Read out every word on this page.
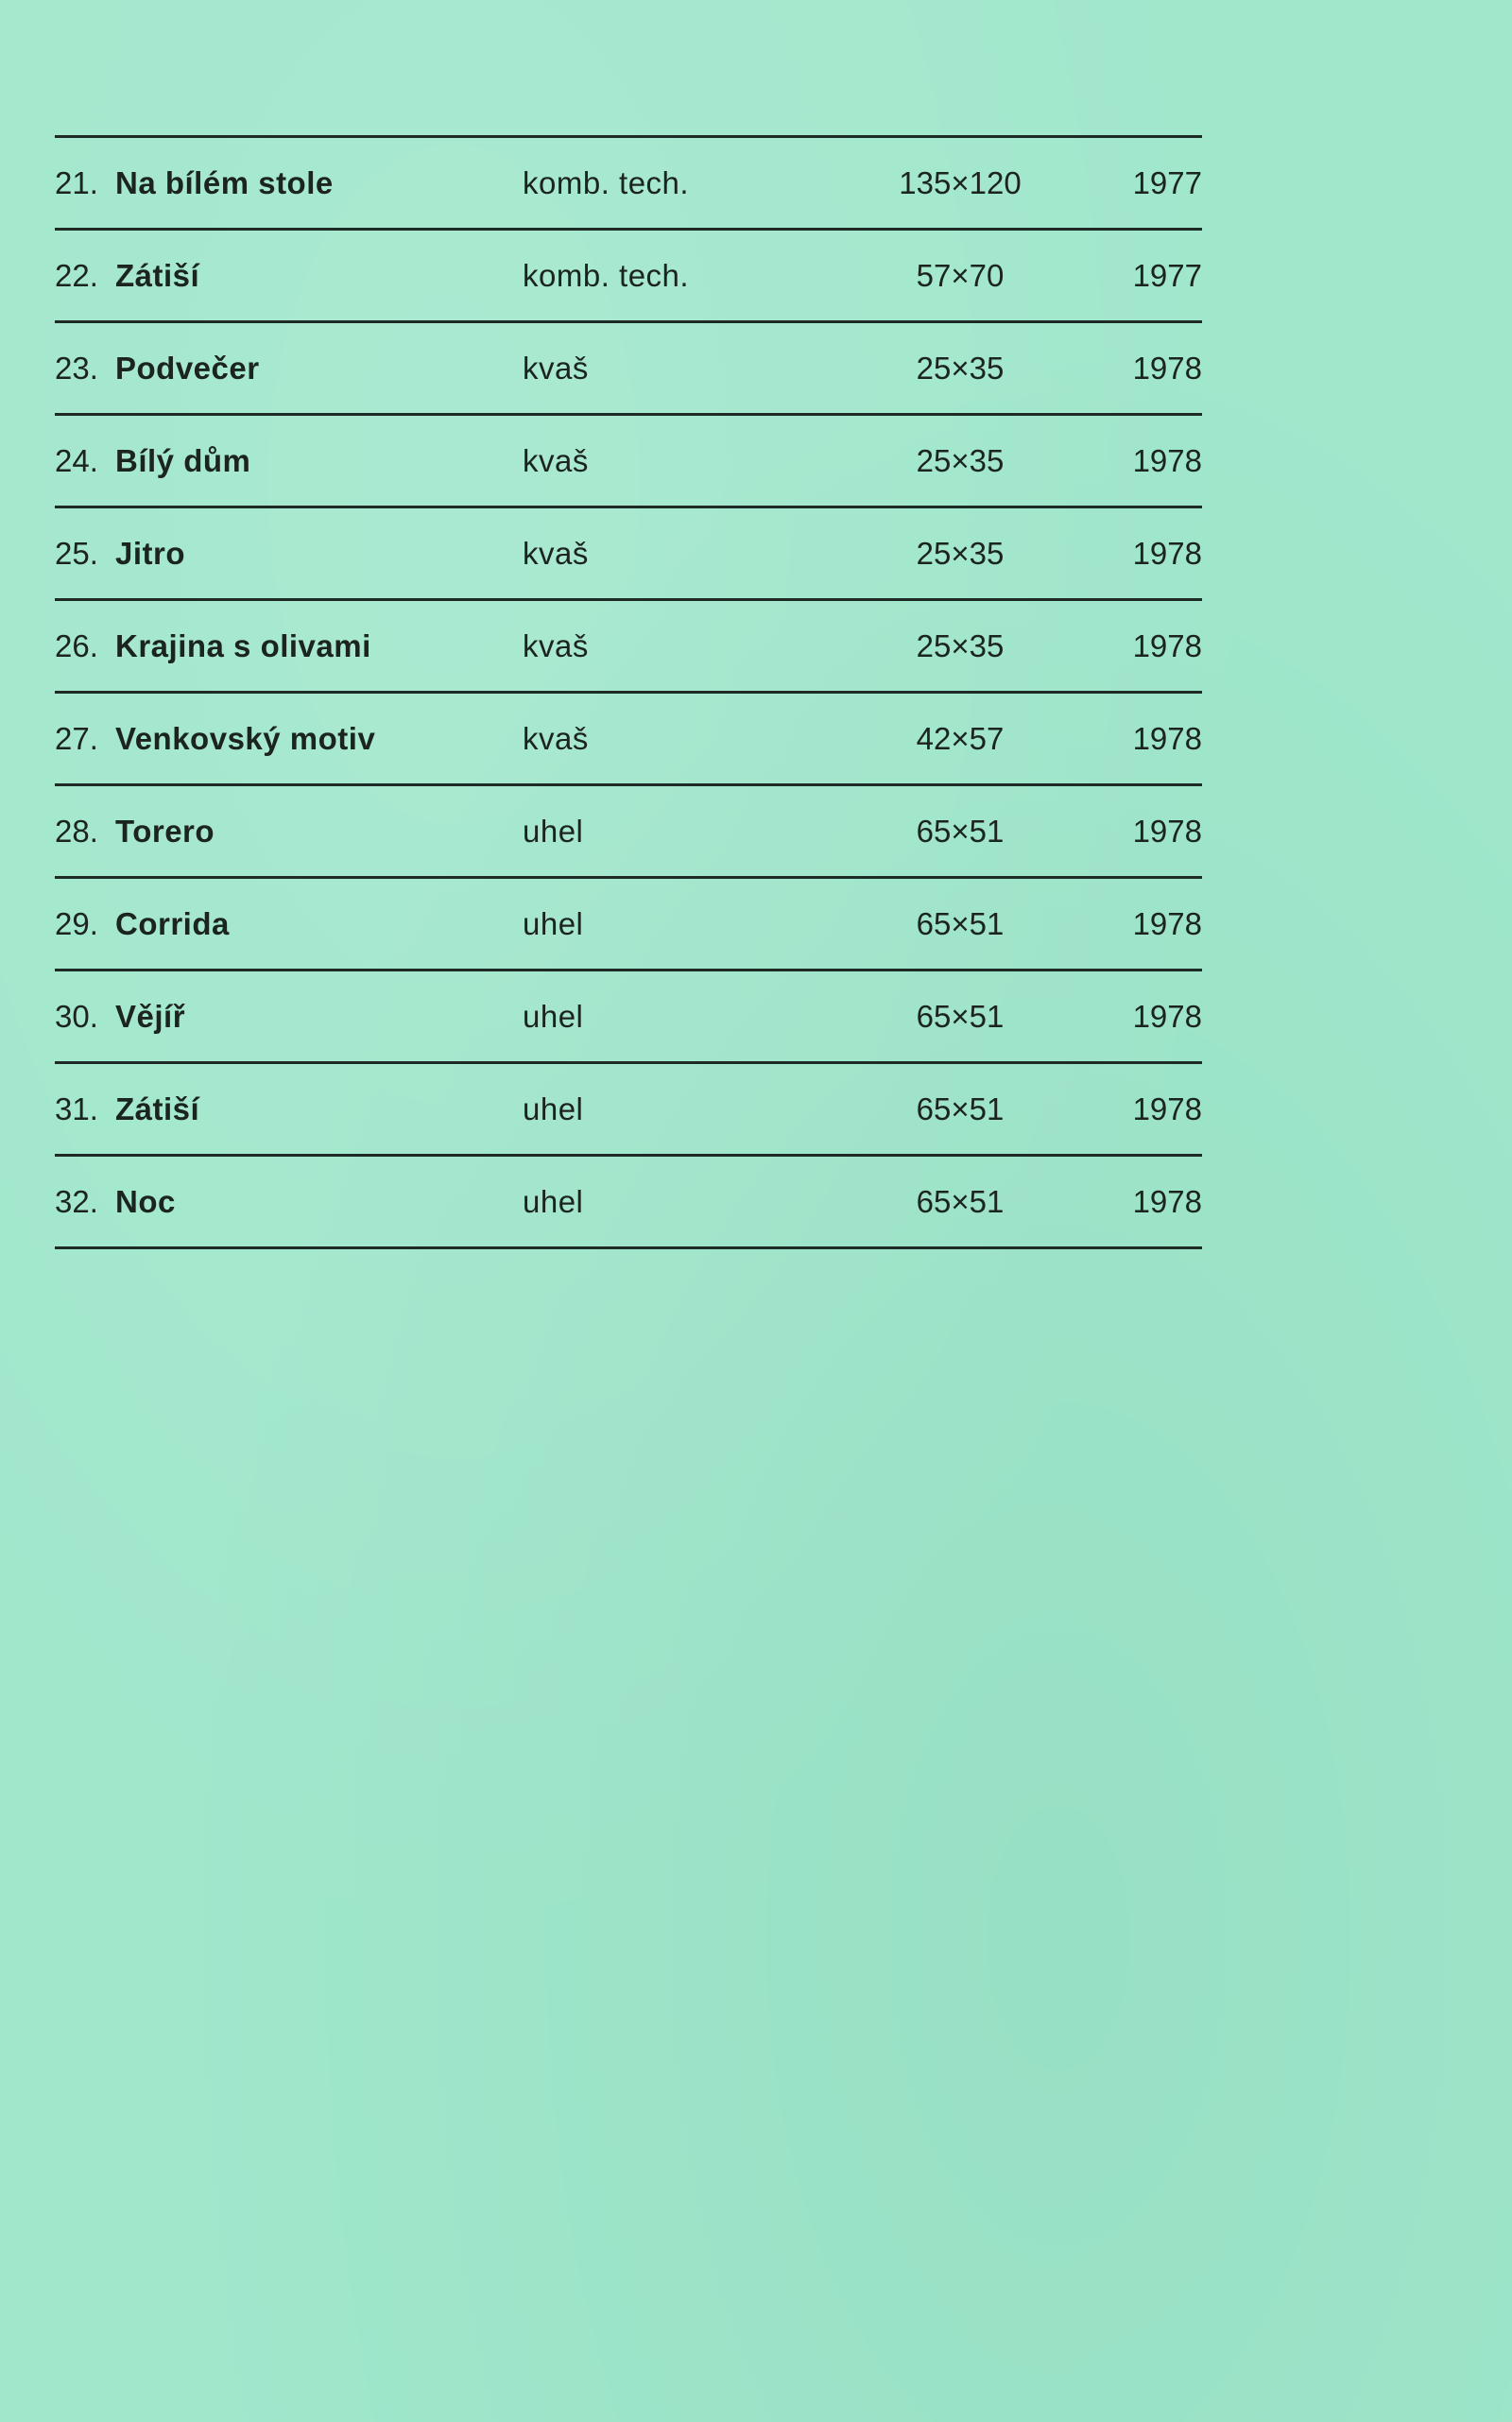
21. Na bílém stole	komb. tech.	135×120	1977
22. Zátiší	komb. tech.	57×70	1977
23. Podvečer	kvaš	25×35	1978
24. Bílý dům	kvaš	25×35	1978
25. Jitro	kvaš	25×35	1978
26. Krajina s olivami	kvaš	25×35	1978
27. Venkovský motiv	kvaš	42×57	1978
28. Torero	uhel	65×51	1978
29. Corrida	uhel	65×51	1978
30. Vějíř	uhel	65×51	1978
31. Zátiší	uhel	65×51	1978
32. Noc	uhel	65×51	1978
